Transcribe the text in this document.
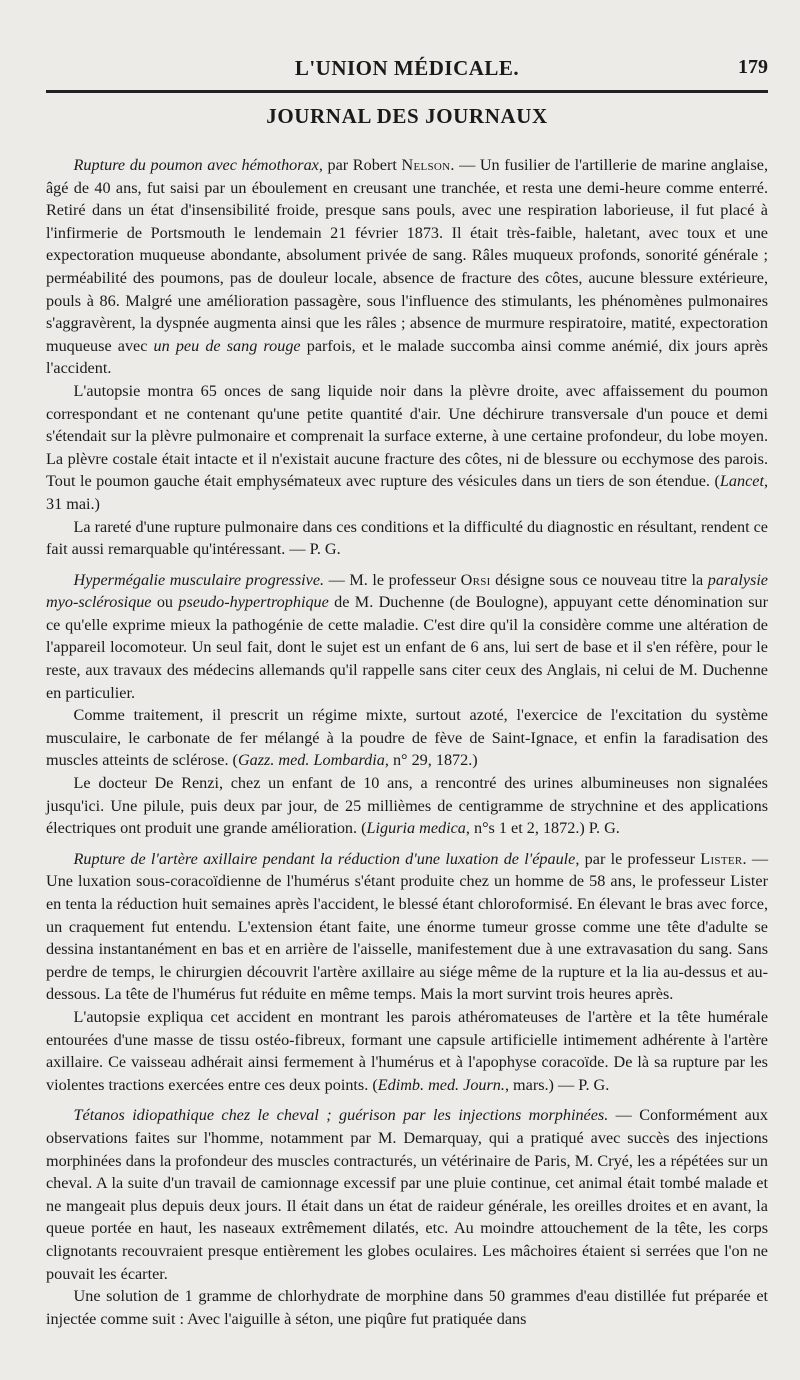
L'UNION MÉDICALE.	179
JOURNAL DES JOURNAUX

Rupture du poumon avec hémothorax, par Robert Nelson. — Un fusilier de l'artillerie de marine anglaise, âgé de 40 ans, fut saisi par un éboulement en creusant une tranchée, et resta une demi-heure comme enterré. Retiré dans un état d'insensibilité froide, presque sans pouls, avec une respiration laborieuse, il fut placé à l'infirmerie de Portsmouth le lendemain 21 février 1873. Il était très-faible, haletant, avec toux et une expectoration muqueuse abondante, absolument privée de sang. Râles muqueux profonds, sonorité générale ; perméabilité des poumons, pas de douleur locale, absence de fracture des côtes, aucune blessure extérieure, pouls à 86. Malgré une amélioration passagère, sous l'influence des stimulants, les phénomènes pulmonaires s'aggravèrent, la dyspnée augmenta ainsi que les râles ; absence de murmure respiratoire, matité, expectoration muqueuse avec un peu de sang rouge parfois, et le malade succomba ainsi comme anémié, dix jours après l'accident.

L'autopsie montra 65 onces de sang liquide noir dans la plèvre droite, avec affaissement du poumon correspondant et ne contenant qu'une petite quantité d'air. Une déchirure transversale d'un pouce et demi s'étendait sur la plèvre pulmonaire et comprenait la surface externe, à une certaine profondeur, du lobe moyen. La plèvre costale était intacte et il n'existait aucune fracture des côtes, ni de blessure ou ecchymose des parois. Tout le poumon gauche était emphysémateux avec rupture des vésicules dans un tiers de son étendue. (Lancet, 31 mai.)

La rareté d'une rupture pulmonaire dans ces conditions et la difficulté du diagnostic en résultant, rendent ce fait aussi remarquable qu'intéressant. — P. G.

Hypermégalie musculaire progressive. — M. le professeur Orsi désigne sous ce nouveau titre la paralysie myo-sclérosique ou pseudo-hypertrophique de M. Duchenne (de Boulogne), appuyant cette dénomination sur ce qu'elle exprime mieux la pathogénie de cette maladie. C'est dire qu'il la considère comme une altération de l'appareil locomoteur. Un seul fait, dont le sujet est un enfant de 6 ans, lui sert de base et il s'en réfère, pour le reste, aux travaux des médecins allemands qu'il rappelle sans citer ceux des Anglais, ni celui de M. Duchenne en particulier.

Comme traitement, il prescrit un régime mixte, surtout azoté, l'exercice de l'excitation du système musculaire, le carbonate de fer mélangé à la poudre de fève de Saint-Ignace, et enfin la faradisation des muscles atteints de sclérose. (Gazz. med. Lombardia, n° 29, 1872.)

Le docteur De Renzi, chez un enfant de 10 ans, a rencontré des urines albumineuses non signalées jusqu'ici. Une pilule, puis deux par jour, de 25 millièmes de centigramme de strychnine et des applications électriques ont produit une grande amélioration. (Liguria medica, n°s 1 et 2, 1872.) P. G.

Rupture de l'artère axillaire pendant la réduction d'une luxation de l'épaule, par le professeur Lister. — Une luxation sous-coracoïdienne de l'humérus s'étant produite chez un homme de 58 ans, le professeur Lister en tenta la réduction huit semaines après l'accident, le blessé étant chloroformisé. En élevant le bras avec force, un craquement fut entendu. L'extension étant faite, une énorme tumeur grosse comme une tête d'adulte se dessina instantanément en bas et en arrière de l'aisselle, manifestement due à une extravasation du sang. Sans perdre de temps, le chirurgien découvrit l'artère axillaire au siége même de la rupture et la lia au-dessus et au-dessous. La tête de l'humérus fut réduite en même temps. Mais la mort survint trois heures après.

L'autopsie expliqua cet accident en montrant les parois athéromateuses de l'artère et la tête humérale entourées d'une masse de tissu ostéo-fibreux, formant une capsule artificielle intimement adhérente à l'artère axillaire. Ce vaisseau adhérait ainsi fermement à l'humérus et à l'apophyse coracoïde. De là sa rupture par les violentes tractions exercées entre ces deux points. (Edimb. med. Journ., mars.) — P. G.

Tétanos idiopathique chez le cheval ; guérison par les injections morphinées. — Conformément aux observations faites sur l'homme, notamment par M. Demarquay, qui a pratiqué avec succès des injections morphinées dans la profondeur des muscles contracturés, un vétérinaire de Paris, M. Cryé, les a répétées sur un cheval. A la suite d'un travail de camionnage excessif par une pluie continue, cet animal était tombé malade et ne mangeait plus depuis deux jours. Il était dans un état de raideur générale, les oreilles droites et en avant, la queue portée en haut, les naseaux extrêmement dilatés, etc. Au moindre attouchement de la tête, les corps clignotants recouvraient presque entièrement les globes oculaires. Les mâchoires étaient si serrées que l'on ne pouvait les écarter.

Une solution de 1 gramme de chlorhydrate de morphine dans 50 grammes d'eau distillée fut préparée et injectée comme suit : Avec l'aiguille à séton, une piqûre fut pratiquée dans
